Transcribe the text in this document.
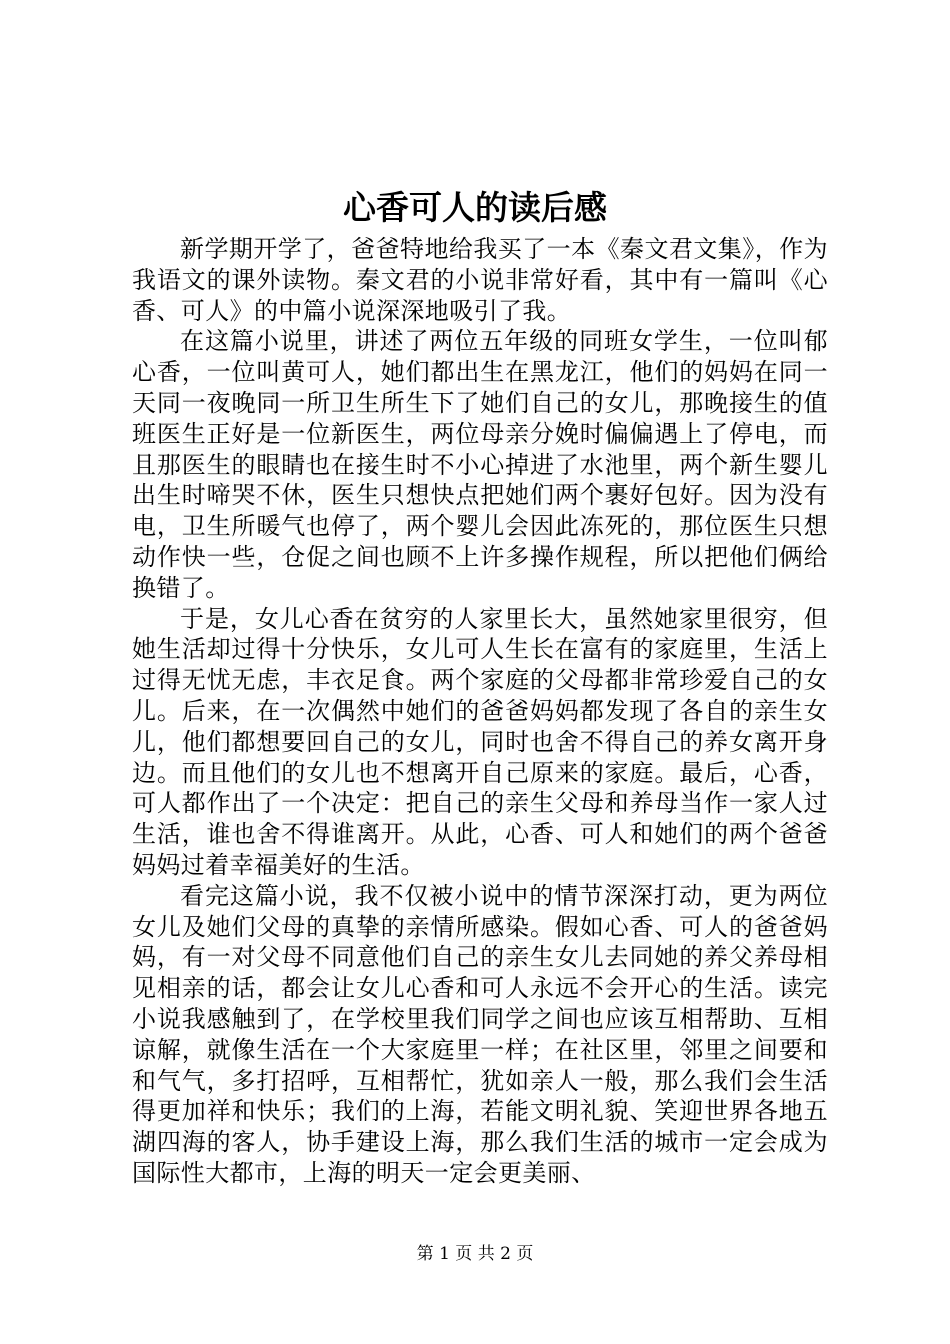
心香可人的读后感

新学期开学了，爸爸特地给我买了一本《秦文君文集》，作为我语文的课外读物。秦文君的小说非常好看，其中有一篇叫《心香、可人》的中篇小说深深地吸引了我。

在这篇小说里，讲述了两位五年级的同班女学生，一位叫郁心香，一位叫黄可人，她们都出生在黑龙江，他们的妈妈在同一天同一夜晚同一所卫生所生下了她们自己的女儿，那晚接生的值班医生正好是一位新医生，两位母亲分娩时偏偏遇上了停电，而且那医生的眼睛也在接生时不小心掉进了水池里，两个新生婴儿出生时啼哭不休，医生只想快点把她们两个裹好包好。因为没有电，卫生所暖气也停了，两个婴儿会因此冻死的，那位医生只想动作快一些，仓促之间也顾不上许多操作规程，所以把他们俩给换错了。

于是，女儿心香在贫穷的人家里长大，虽然她家里很穷，但她生活却过得十分快乐，女儿可人生长在富有的家庭里，生活上过得无忧无虑，丰衣足食。两个家庭的父母都非常珍爱自己的女儿。后来，在一次偶然中她们的爸爸妈妈都发现了各自的亲生女儿，他们都想要回自己的女儿，同时也舍不得自己的养女离开身边。而且他们的女儿也不想离开自己原来的家庭。最后，心香，可人都作出了一个决定：把自己的亲生父母和养母当作一家人过生活，谁也舍不得谁离开。从此，心香、可人和她们的两个爸爸妈妈过着幸福美好的生活。

看完这篇小说，我不仅被小说中的情节深深打动，更为两位女儿及她们父母的真挚的亲情所感染。假如心香、可人的爸爸妈妈，有一对父母不同意他们自己的亲生女儿去同她的养父养母相见相亲的话，都会让女儿心香和可人永远不会开心的生活。读完小说我感触到了，在学校里我们同学之间也应该互相帮助、互相谅解，就像生活在一个大家庭里一样；在社区里，邻里之间要和和气气，多打招呼，互相帮忙，犹如亲人一般，那么我们会生活得更加祥和快乐；我们的上海，若能文明礼貌、笑迎世界各地五湖四海的客人，协手建设上海，那么我们生活的城市一定会成为国际性大都市，上海的明天一定会更美丽、

第 1 页 共 2 页
